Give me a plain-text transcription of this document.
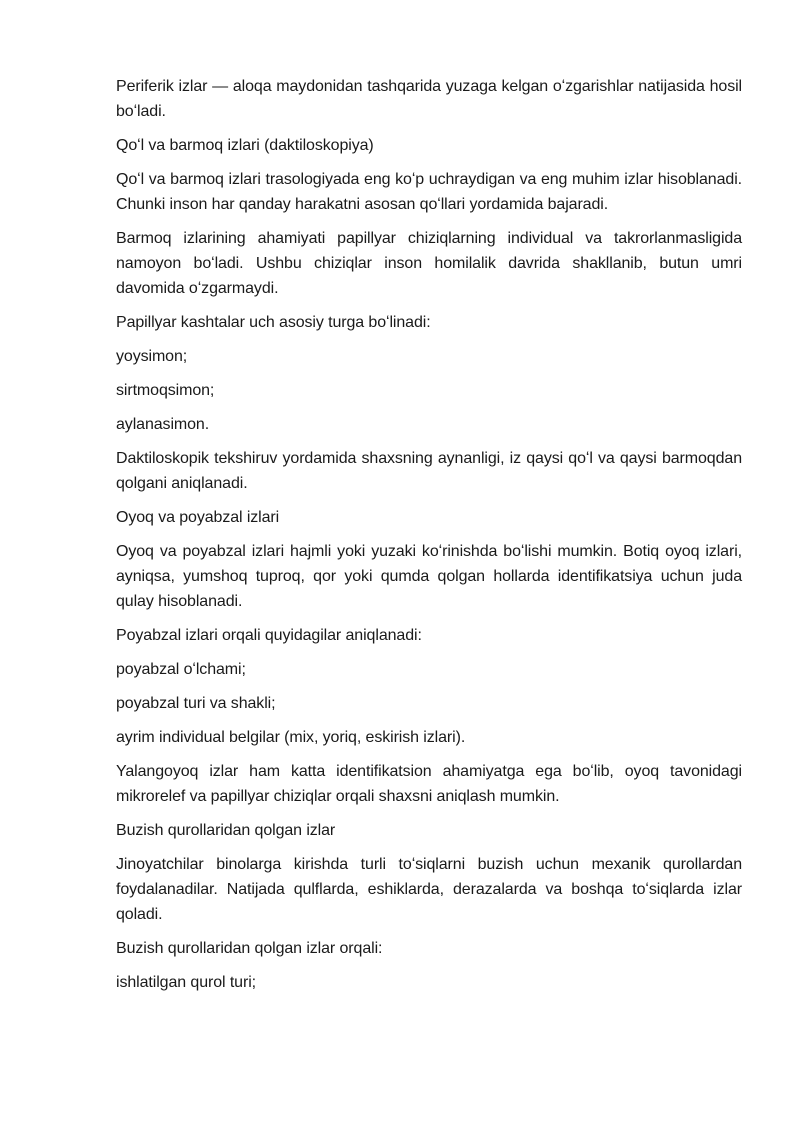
Periferik izlar — aloqa maydonidan tashqarida yuzaga kelgan oʻzgarishlar natijasida hosil boʻladi.

Qoʻl va barmoq izlari (daktiloskopiya)

Qoʻl va barmoq izlari trasologiyada eng koʻp uchraydigan va eng muhim izlar hisoblanadi. Chunki inson har qanday harakatni asosan qoʻllari yordamida bajaradi.

Barmoq izlarining ahamiyati papillyar chiziqlarning individual va takrorlanmasligida namoyon boʻladi. Ushbu chiziqlar inson homilalik davrida shakllanib, butun umri davomida oʻzgarmaydi.

Papillyar kashtalar uch asosiy turga boʻlinadi:

yoysimon;

sirtmoqsimon;

aylanasimon.

Daktiloskopik tekshiruv yordamida shaxsning aynanligi, iz qaysi qoʻl va qaysi barmoqdan qolgani aniqlanadi.

Oyoq va poyabzal izlari

Oyoq va poyabzal izlari hajmli yoki yuzaki koʻrinishda boʻlishi mumkin. Botiq oyoq izlari, ayniqsa, yumshoq tuproq, qor yoki qumda qolgan hollarda identifikatsiya uchun juda qulay hisoblanadi.

Poyabzal izlari orqali quyidagilar aniqlanadi:

poyabzal oʻlchami;

poyabzal turi va shakli;

ayrim individual belgilar (mix, yoriq, eskirish izlari).

Yalangoyoq izlar ham katta identifikatsion ahamiyatga ega boʻlib, oyoq tavonidagi mikrorelef va papillyar chiziqlar orqali shaxsni aniqlash mumkin.

Buzish qurollaridan qolgan izlar

Jinoyatchilar binolarga kirishda turli toʻsiqlarni buzish uchun mexanik qurollardan foydalanadilar. Natijada qulflarda, eshiklarda, derazalarda va boshqa toʻsiqlarda izlar qoladi.

Buzish qurollaridan qolgan izlar orqali:

ishlatilgan qurol turi;
